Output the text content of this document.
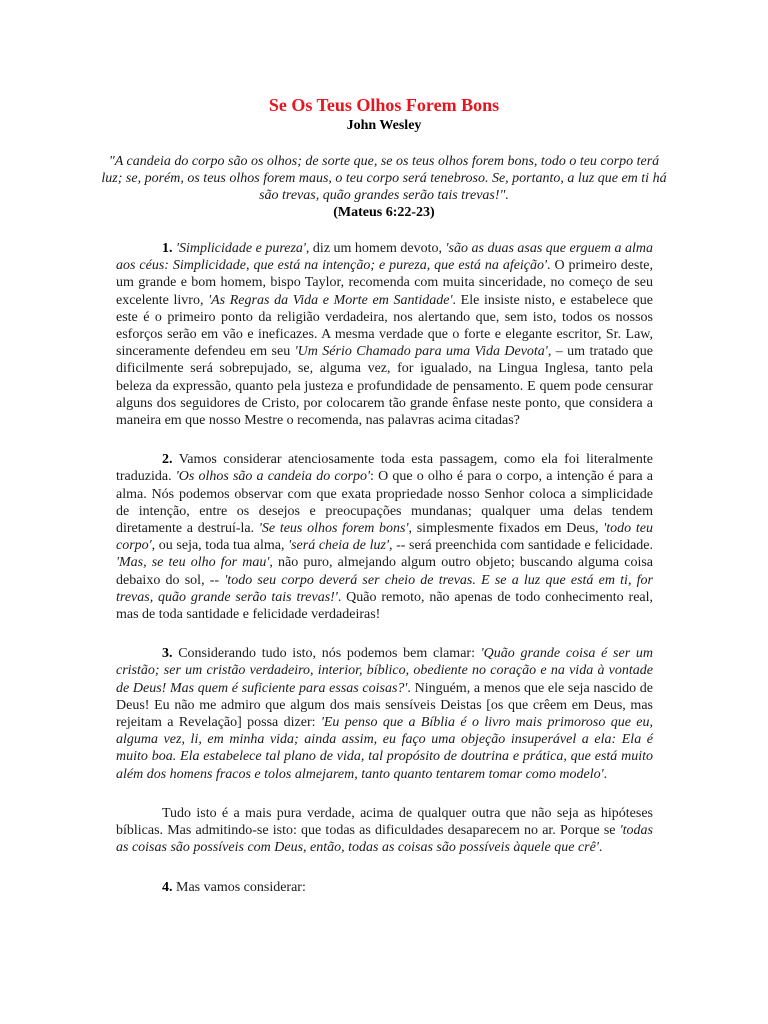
Se Os Teus Olhos Forem Bons
John Wesley
"A candeia do corpo são os olhos; de sorte que, se os teus olhos forem bons, todo o teu corpo terá luz; se, porém, os teus olhos forem maus, o teu corpo será tenebroso. Se, portanto, a luz que em ti há são trevas, quão grandes serão tais trevas!".
(Mateus 6:22-23)

1. 'Simplicidade e pureza', diz um homem devoto, 'são as duas asas que erguem a alma aos céus: Simplicidade, que está na intenção; e pureza, que está na afeição'. O primeiro deste, um grande e bom homem, bispo Taylor, recomenda com muita sinceridade, no começo de seu excelente livro, 'As Regras da Vida e Morte em Santidade'. Ele insiste nisto, e estabelece que este é o primeiro ponto da religião verdadeira, nos alertando que, sem isto, todos os nossos esforços serão em vão e ineficazes. A mesma verdade que o forte e elegante escritor, Sr. Law, sinceramente defendeu em seu 'Um Sério Chamado para uma Vida Devota', – um tratado que dificilmente será sobrepujado, se, alguma vez, for igualado, na Lingua Inglesa, tanto pela beleza da expressão, quanto pela justeza e profundidade de pensamento. E quem pode censurar alguns dos seguidores de Cristo, por colocarem tão grande ênfase neste ponto, que considera a maneira em que nosso Mestre o recomenda, nas palavras acima citadas?

2. Vamos considerar atenciosamente toda esta passagem, como ela foi literalmente traduzida. 'Os olhos são a candeia do corpo': O que o olho é para o corpo, a intenção é para a alma. Nós podemos observar com que exata propriedade nosso Senhor coloca a simplicidade de intenção, entre os desejos e preocupações mundanas; qualquer uma delas tendem diretamente a destruí-la. 'Se teus olhos forem bons', simplesmente fixados em Deus, 'todo teu corpo', ou seja, toda tua alma, 'será cheia de luz', -- será preenchida com santidade e felicidade. 'Mas, se teu olho for mau', não puro, almejando algum outro objeto; buscando alguma coisa debaixo do sol, -- 'todo seu corpo deverá ser cheio de trevas. E se a luz que está em ti, for trevas, quão grande serão tais trevas!'. Quão remoto, não apenas de todo conhecimento real, mas de toda santidade e felicidade verdadeiras!

3. Considerando tudo isto, nós podemos bem clamar: 'Quão grande coisa é ser um cristão; ser um cristão verdadeiro, interior, bíblico, obediente no coração e na vida à vontade de Deus! Mas quem é suficiente para essas coisas?'. Ninguém, a menos que ele seja nascido de Deus! Eu não me admiro que algum dos mais sensíveis Deistas [os que crêem em Deus, mas rejeitam a Revelação] possa dizer: 'Eu penso que a Bíblia é o livro mais primoroso que eu, alguma vez, li, em minha vida; ainda assim, eu faço uma objeção insuperável a ela: Ela é muito boa. Ela estabelece tal plano de vida, tal propósito de doutrina e prática, que está muito além dos homens fracos e tolos almejarem, tanto quanto tentarem tomar como modelo'.

Tudo isto é a mais pura verdade, acima de qualquer outra que não seja as hipóteses bíblicas. Mas admitindo-se isto: que todas as dificuldades desaparecem no ar. Porque se 'todas as coisas são possíveis com Deus, então, todas as coisas são possíveis àquele que crê'.

4. Mas vamos considerar:
